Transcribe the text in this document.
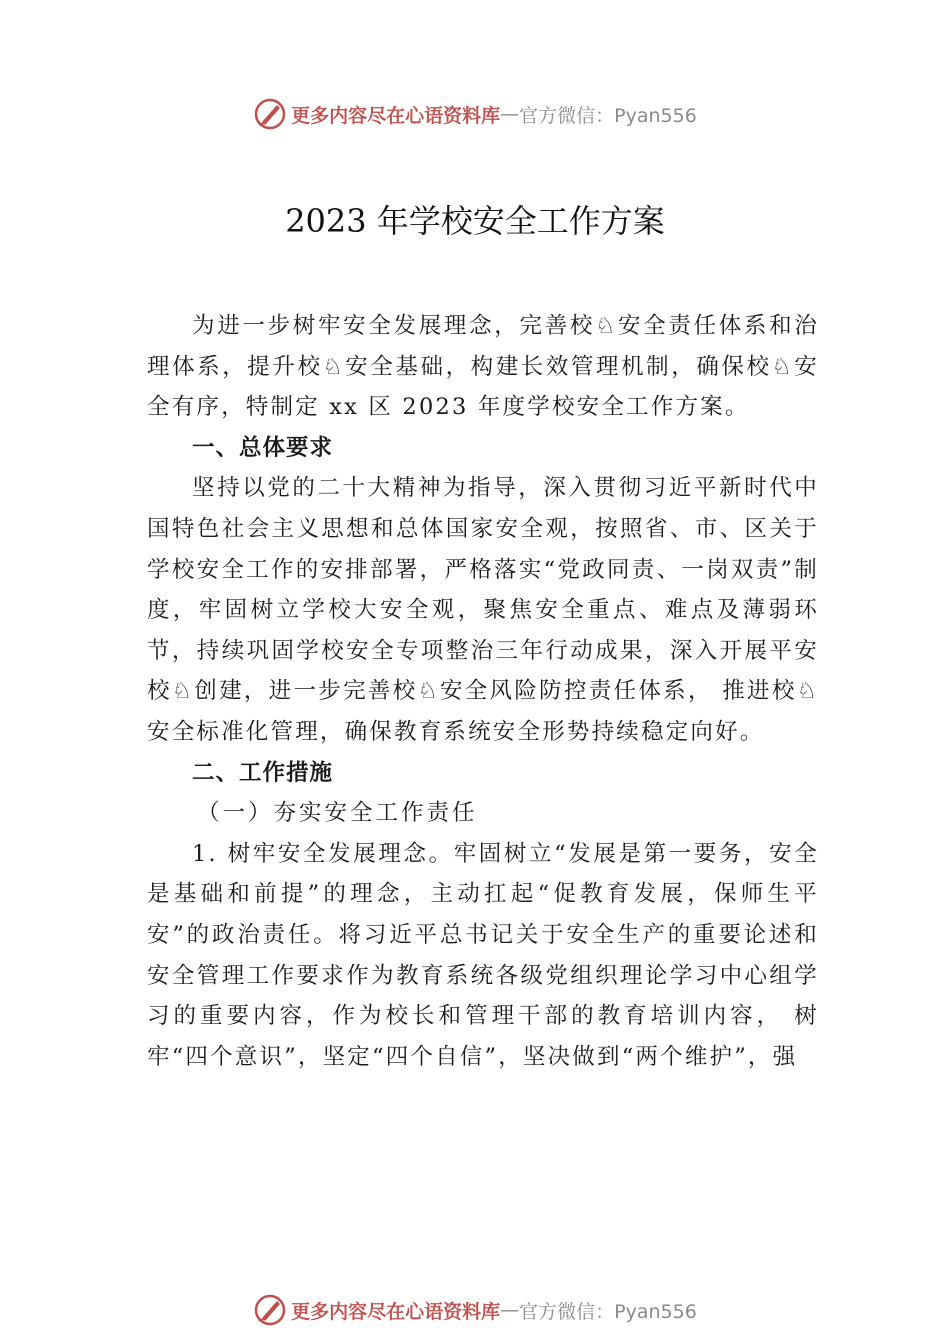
更多内容尽在心语资料库 — 官方微信：Pyan556
2023 年学校安全工作方案

为进一步树牢安全发展理念，完善校♘安全责任体系和治理体系，提升校♘安全基础，构建长效管理机制，确保校♘安全有序，特制定 xx 区 2023 年度学校安全工作方案。

一、总体要求

坚持以党的二十大精神为指导，深入贯彻习近平新时代中国特色社会主义思想和总体国家安全观，按照省、市、区关于学校安全工作的安排部署，严格落实“党政同责、一岗双责”制度，牢固树立学校大安全观，聚焦安全重点、难点及薄弱环节，持续巩固学校安全专项整治三年行动成果，深入开展平安校♘创建，进一步完善校♘安全风险防控责任体系， 推进校♘安全标准化管理，确保教育系统安全形势持续稳定向好。

二、工作措施

（一）夯实安全工作责任

1. 树牢安全发展理念。牢固树立“发展是第一要务，安全是基础和前提”的理念，主动扛起“促教育发展，保师生平安”的政治责任。将习近平总书记关于安全生产的重要论述和安全管理工作要求作为教育系统各级党组织理论学习中心组学习的重要内容，作为校长和管理干部的教育培训内容， 树牢“四个意识”，坚定“四个自信”，坚决做到“两个维护”，强

更多内容尽在心语资料库 — 官方微信：Pyan556
